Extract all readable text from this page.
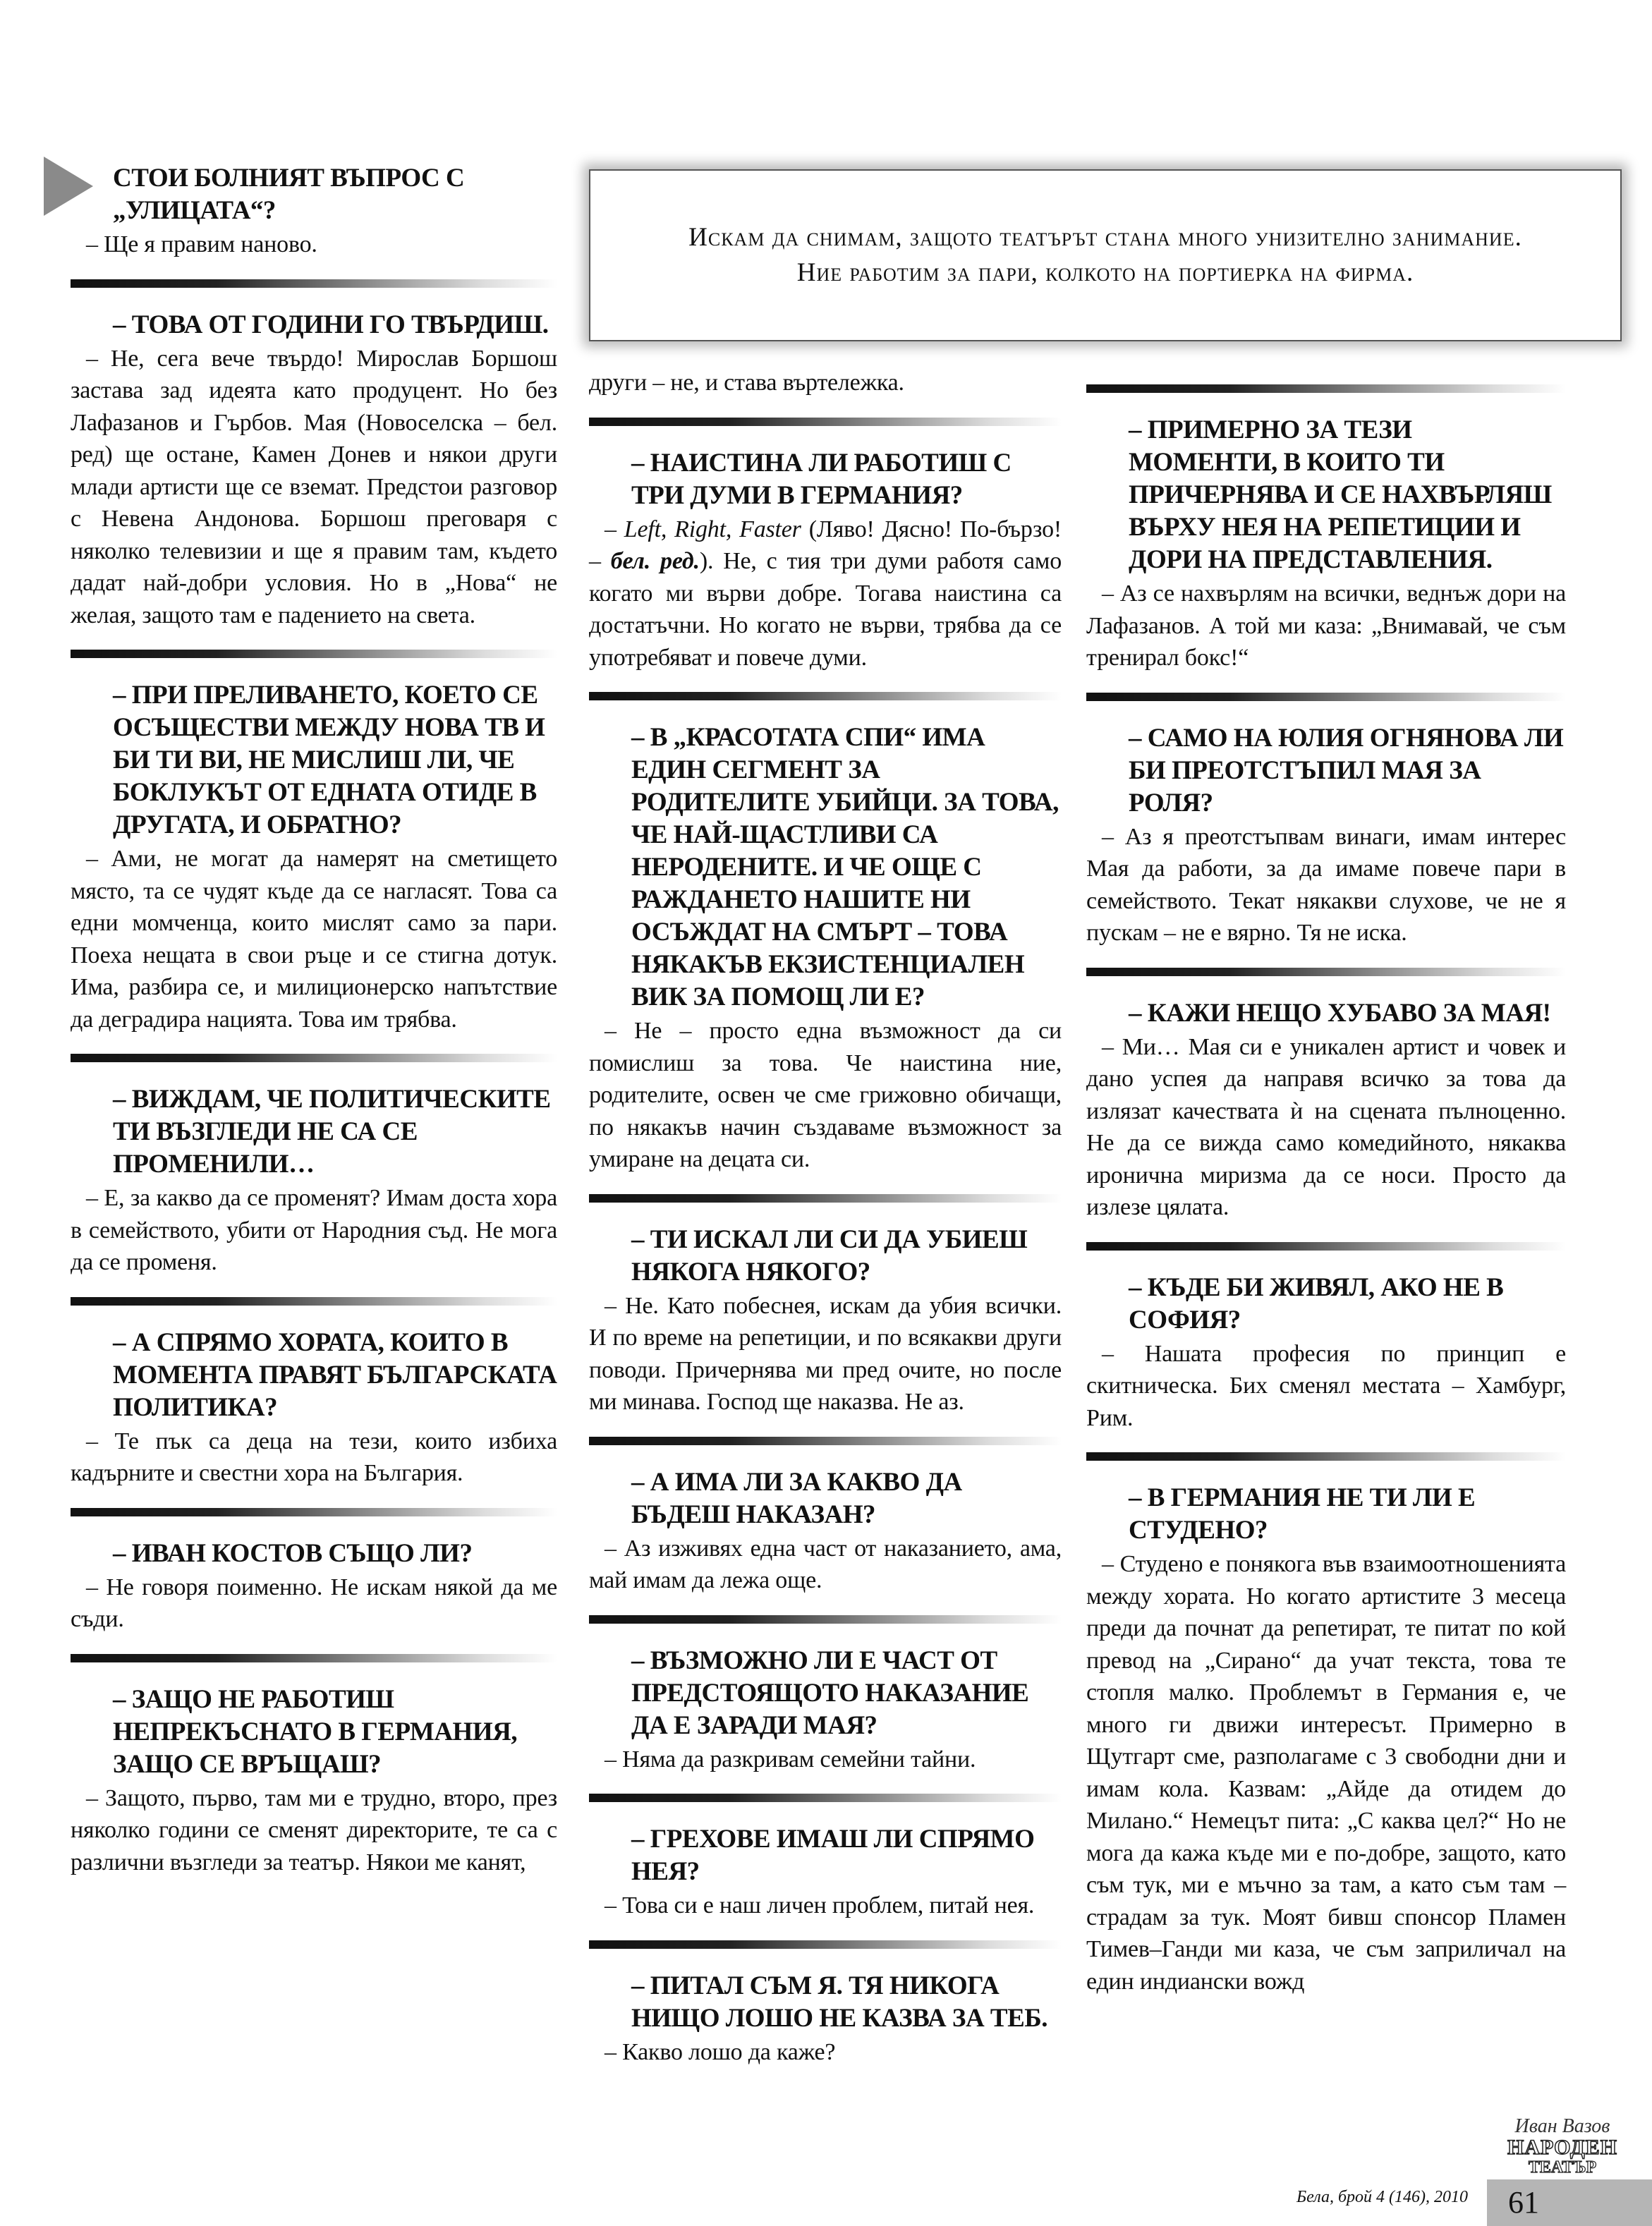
Искам да снимам, защото театърът стана много унизително занимание. Ние работим за пари, колкото на портиерка на фирма.

СТОИ БОЛНИЯТ ВЪПРОС С „УЛИЦАТА“?

– Ще я правим наново.

– ТОВА ОТ ГОДИНИ ГО ТВЪРДИШ.

– Не, сега вече твърдо! Мирослав Боршош застава зад идеята като продуцент. Но без Лафазанов и Гърбов. Мая (Новоселска – бел. ред) ще остане, Камен Донев и някои други млади артисти ще се вземат. Предстои разговор с Невена Андонова. Боршош преговаря с няколко телевизии и ще я правим там, където дадат най-добри условия. Но в „Нова“ не желая, защото там е падението на света.

– ПРИ ПРЕЛИВАНЕТО, КОЕТО СЕ ОСЪЩЕСТВИ МЕЖДУ НОВА ТВ И БИ ТИ ВИ, НЕ МИСЛИШ ЛИ, ЧЕ БОКЛУКЪТ ОТ ЕДНАТА ОТИДЕ В ДРУГАТА, И ОБРАТНО?

– Ами, не могат да намерят на сметището място, та се чудят къде да се нагласят. Това са едни момченца, които мислят само за пари. Поеха нещата в свои ръце и се стигна дотук. Има, разбира се, и милиционерско напътствие да деградира нацията. Това им трябва.

– ВИЖДАМ, ЧЕ ПОЛИТИЧЕСКИТЕ ТИ ВЪЗГЛЕДИ НЕ СА СЕ ПРОМЕНИЛИ…

– Е, за какво да се променят? Имам доста хора в семейството, убити от Народния съд. Не мога да се променя.

– А СПРЯМО ХОРАТА, КОИТО В МОМЕНТА ПРАВЯТ БЪЛГАРСКАТА ПОЛИТИКА?

– Те пък са деца на тези, които избиха кадърните и свестни хора на България.

– ИВАН КОСТОВ СЪЩО ЛИ?

– Не говоря поименно. Не искам някой да ме съди.

– ЗАЩО НЕ РАБОТИШ НЕПРЕКЪСНАТО В ГЕРМАНИЯ, ЗАЩО СЕ ВРЪЩАШ?

– Защото, първо, там ми е трудно, второ, през няколко години се сменят директорите, те са с различни възгледи за театър. Някои ме канят,

други – не, и става въртележка.

– НАИСТИНА ЛИ РАБОТИШ С ТРИ ДУМИ В ГЕРМАНИЯ?

– Left, Right, Faster (Ляво! Дясно! По-бързо! – бел. ред.). Не, с тия три думи работя само когато ми върви добре. Тогава наистина са достатъчни. Но когато не върви, трябва да се употребяват и повече думи.

– В „КРАСОТАТА СПИ“ ИМА ЕДИН СЕГМЕНТ ЗА РОДИТЕЛИТЕ УБИЙЦИ. ЗА ТОВА, ЧЕ НАЙ-ЩАСТЛИВИ СА НЕРОДЕНИТЕ. И ЧЕ ОЩЕ С РАЖДАНЕТО НАШИТЕ НИ ОСЪЖДАТ НА СМЪРТ – ТОВА НЯКАКЪВ ЕКЗИСТЕНЦИАЛЕН ВИК ЗА ПОМОЩ ЛИ Е?

– Не – просто една възможност да си помислиш за това. Че наистина ние, родителите, освен че сме грижовно обичащи, по някакъв начин създаваме възможност за умиране на децата си.

– ТИ ИСКАЛ ЛИ СИ ДА УБИЕШ НЯКОГА НЯКОГО?

– Не. Като побеснея, искам да убия всички. И по време на репетиции, и по всякакви други поводи. Причернява ми пред очите, но после ми минава. Господ ще наказва. Не аз.

– А ИМА ЛИ ЗА КАКВО ДА БЪДЕШ НАКАЗАН?

– Аз изживях една част от наказанието, ама, май имам да лежа още.

– ВЪЗМОЖНО ЛИ Е ЧАСТ ОТ ПРЕДСТОЯЩОТО НАКАЗАНИЕ ДА Е ЗАРАДИ МАЯ?

– Няма да разкривам семейни тайни.

– ГРЕХОВЕ ИМАШ ЛИ СПРЯМО НЕЯ?

– Това си е наш личен проблем, питай нея.

– ПИТАЛ СЪМ Я. ТЯ НИКОГА НИЩО ЛОШО НЕ КАЗВА ЗА ТЕБ.

– Какво лошо да каже?

– ПРИМЕРНО ЗА ТЕЗИ МОМЕНТИ, В КОИТО ТИ ПРИЧЕРНЯВА И СЕ НАХВЪРЛЯШ ВЪРХУ НЕЯ НА РЕПЕТИЦИИ И ДОРИ НА ПРЕДСТАВЛЕНИЯ.

– Аз се нахвърлям на всички, веднъж дори на Лафазанов. А той ми каза: „Внимавай, че съм тренирал бокс!“

– САМО НА ЮЛИЯ ОГНЯНОВА ЛИ БИ ПРЕОТСТЪПИЛ МАЯ ЗА РОЛЯ?

– Аз я преотстъпвам винаги, имам интерес Мая да работи, за да имаме повече пари в семейството. Текат някакви слухове, че не я пускам – не е вярно. Тя не иска.

– КАЖИ НЕЩО ХУБАВО ЗА МАЯ!

– Ми… Мая си е уникален артист и човек и дано успея да направя всичко за това да излязат качествата ѝ на сцената пълноценно. Не да се вижда само комедийното, някаква иронична миризма да се носи. Просто да излезе цялата.

– КЪДЕ БИ ЖИВЯЛ, АКО НЕ В СОФИЯ?

– Нашата професия по принцип е скитническа. Бих сменял местата – Хамбург, Рим.

– В ГЕРМАНИЯ НЕ ТИ ЛИ Е СТУДЕНО?

– Студено е понякога във взаимоотношенията между хората. Но когато артистите 3 месеца преди да почнат да репетират, те питат по кой превод на „Сирано“ да учат текста, това те стопля малко. Проблемът в Германия е, че много ги движи интересът. Примерно в Щутгарт сме, разполагаме с 3 свободни дни и имам кола. Казвам: „Айде да отидем до Милано.“ Немецът пита: „С каква цел?“ Но не мога да кажа къде ми е по-добре, защото, като съм тук, ми е мъчно за там, а като съм там – страдам за тук. Моят бивш спонсор Пламен Тимев–Ганди ми каза, че съм заприличал на един индиански вожд

Иван Вазов
НАРОДЕН
ТЕАТЪР
Бела, брой 4 (146), 2010	61
